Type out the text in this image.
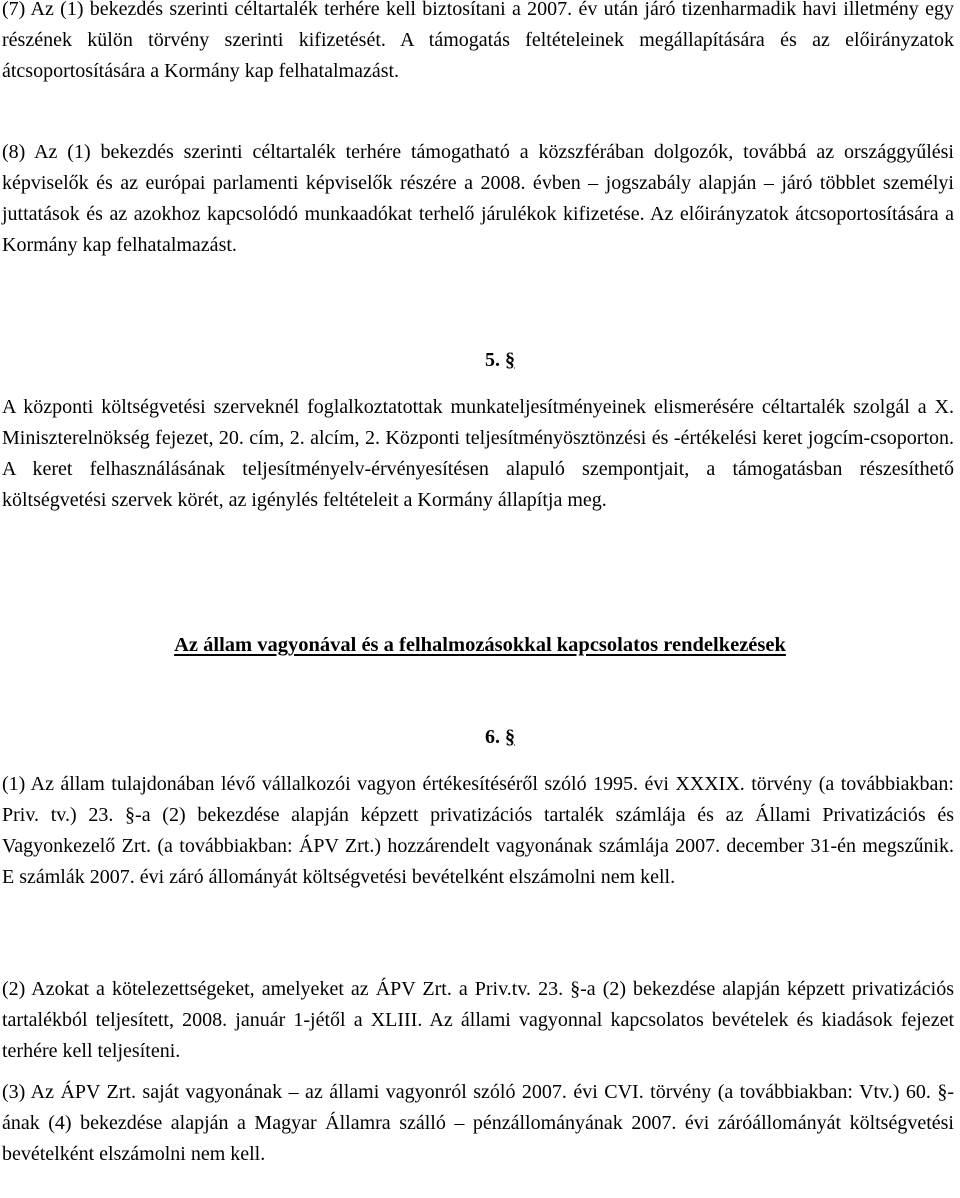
(7) Az (1) bekezdés szerinti céltartalék terhére kell biztosítani a 2007. év után járó tizenharmadik havi illetmény egy részének külön törvény szerinti kifizetését. A támogatás feltételeinek megállapítására és az előirányzatok átcsoportosítására a Kormány kap felhatalmazást.

(8) Az (1) bekezdés szerinti céltartalék terhére támogatható a közszférában dolgozók, továbbá az országgyűlési képviselők és az európai parlamenti képviselők részére a 2008. évben – jogszabály alapján – járó többlet személyi juttatások és az azokhoz kapcsolódó munkaadókat terhelő járulékok kifizetése. Az előirányzatok átcsoportosítására a Kormány kap felhatalmazást.

5. §

A központi költségvetési szerveknél foglalkoztatottak munkateljesítményeinek elismerésére céltartalék szolgál a X. Miniszterelnökség fejezet, 20. cím, 2. alcím, 2. Központi teljesítményösztönzési és -értékelési keret jogcím-csoporton. A keret felhasználásának teljesítményelv-érvényesítésen alapuló szempontjait, a támogatásban részesíthető költségvetési szervek körét, az igénylés feltételeit a Kormány állapítja meg.

Az állam vagyonával és a felhalmozásokkal kapcsolatos rendelkezések
6. §

(1) Az állam tulajdonában lévő vállalkozói vagyon értékesítéséről szóló 1995. évi XXXIX. törvény (a továbbiakban: Priv. tv.) 23. §-a (2) bekezdése alapján képzett privatizációs tartalék számlája és az Állami Privatizációs és Vagyonkezelő Zrt. (a továbbiakban: ÁPV Zrt.) hozzárendelt vagyonának számlája 2007. december 31-én megszűnik. E számlák 2007. évi záró állományát költségvetési bevételként elszámolni nem kell.

(2) Azokat a kötelezettségeket, amelyeket az ÁPV Zrt. a Priv.tv. 23. §-a (2) bekezdése alapján képzett privatizációs tartalékból teljesített, 2008. január 1-jétől a XLIII. Az állami vagyonnal kapcsolatos bevételek és kiadások fejezet terhére kell teljesíteni.

(3) Az ÁPV Zrt. saját vagyonának – az állami vagyonról szóló 2007. évi CVI. törvény (a továbbiakban: Vtv.) 60. §-ának (4) bekezdése alapján a Magyar Államra szálló – pénzállományának 2007. évi záróállományát költségvetési bevételként elszámolni nem kell.
